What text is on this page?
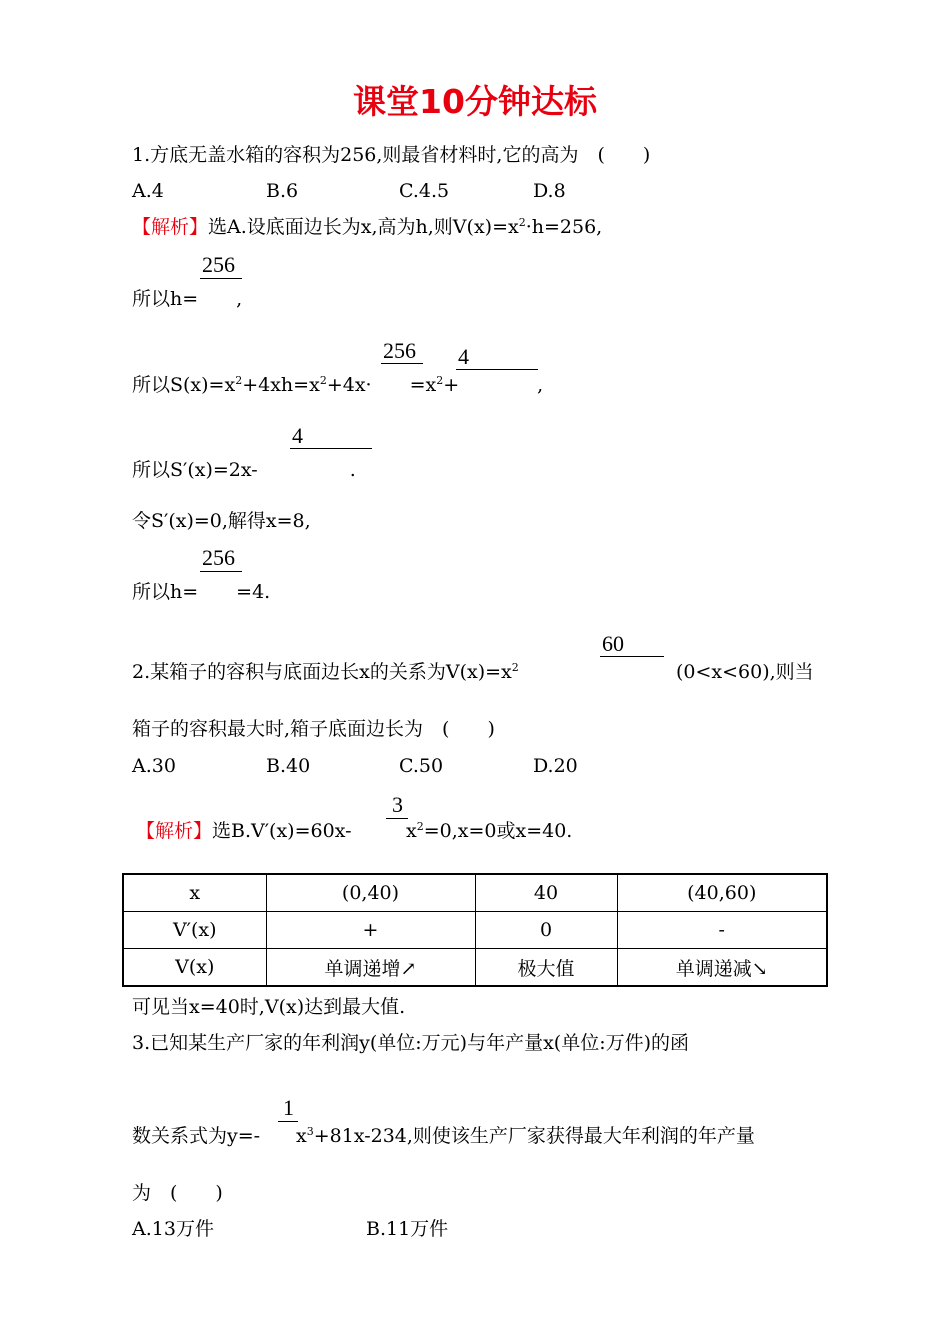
课堂10分钟达标
1.方底无盖水箱的容积为256,则最省材料时,它的高为　(　　)
A.4	B.6	C.4.5	D.8
【解析】选A.设底面边长为x,高为h,则$V(x)=x^2\cdot h=256$,
256
所以h=　　,
256 4
所以$S(x)=x^2+4xh=x^2+4x\cdot$　　$=x^2+$	,
4
所以S′(x)=2x-	.
令S′(x)=0,解得x=8,
256
所以h=　　=4.
60
2.某箱子的容积与底面边长x的关系为$V(x)=x^2$	(0<x<60),则当
箱子的容积最大时,箱子底面边长为　(　　)
A.30	B.40	C.50	D.20
3
【解析】选B.V′(x)=60x-	$x^2=0,x=0$或x=40.
x	(0,40)	40	(40,60)
V′(x)	+	0	-
V(x)	单调递增↗	极大值	单调递减↘
可见当x=40时,V(x)达到最大值.
3.已知某生产厂家的年利润y(单位:万元)与年产量x(单位:万件)的函
1
数关系式为y=- $x^3+81x-234$,则使该生产厂家获得最大年利润的年产量
为　(　　)
A.13万件	B.11万件
